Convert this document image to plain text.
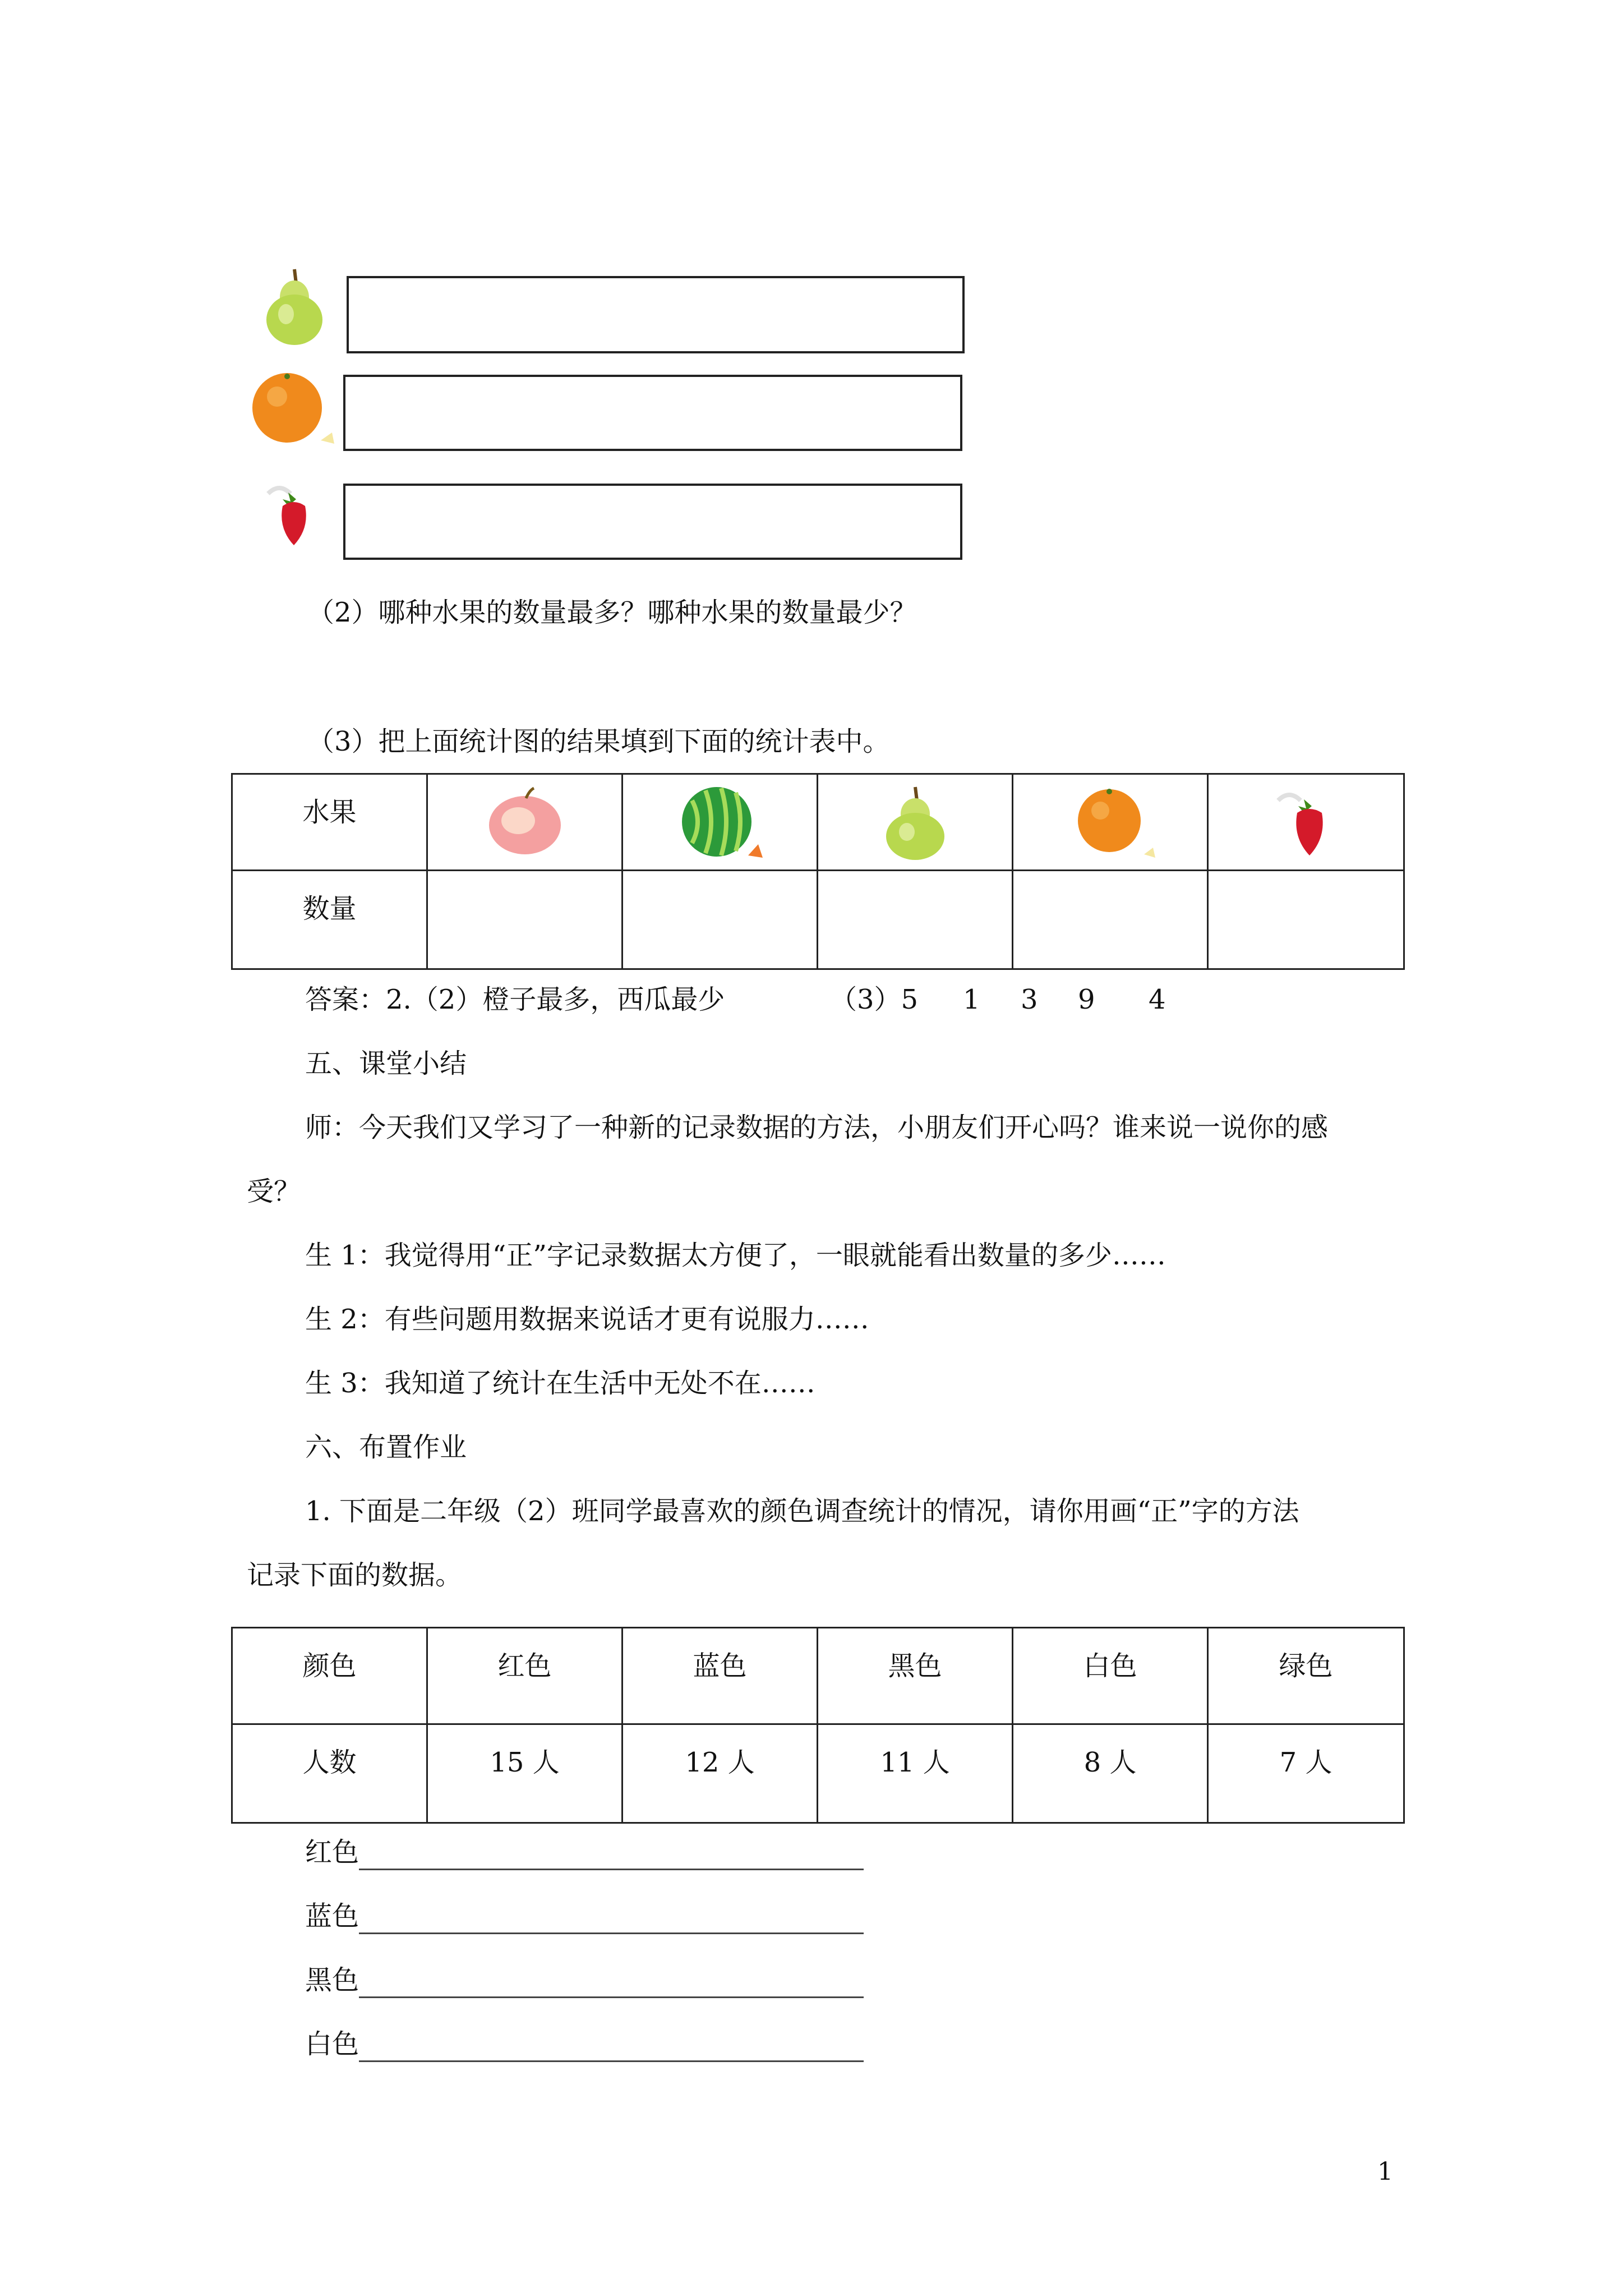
（2）哪种水果的数量最多？哪种水果的数量最少？
（3）把上面统计图的结果填到下面的统计表中。
水果					
数量					
答案：2.（2）橙子最多，西瓜最少	（3）5 1 3 9 4
五、课堂小结
师：今天我们又学习了一种新的记录数据的方法，小朋友们开心吗？谁来说一说你的感
受？
生 1：我觉得用“正”字记录数据太方便了，一眼就能看出数量的多少……
生 2：有些问题用数据来说话才更有说服力……
生 3：我知道了统计在生活中无处不在……
六、布置作业
1. 下面是二年级（2）班同学最喜欢的颜色调查统计的情况，请你用画“正”字的方法
记录下面的数据。
颜色	红色	蓝色	黑色	白色	绿色
人数	15 人	12 人	11 人	8 人	7 人
红色
蓝色
黑色
白色
1
